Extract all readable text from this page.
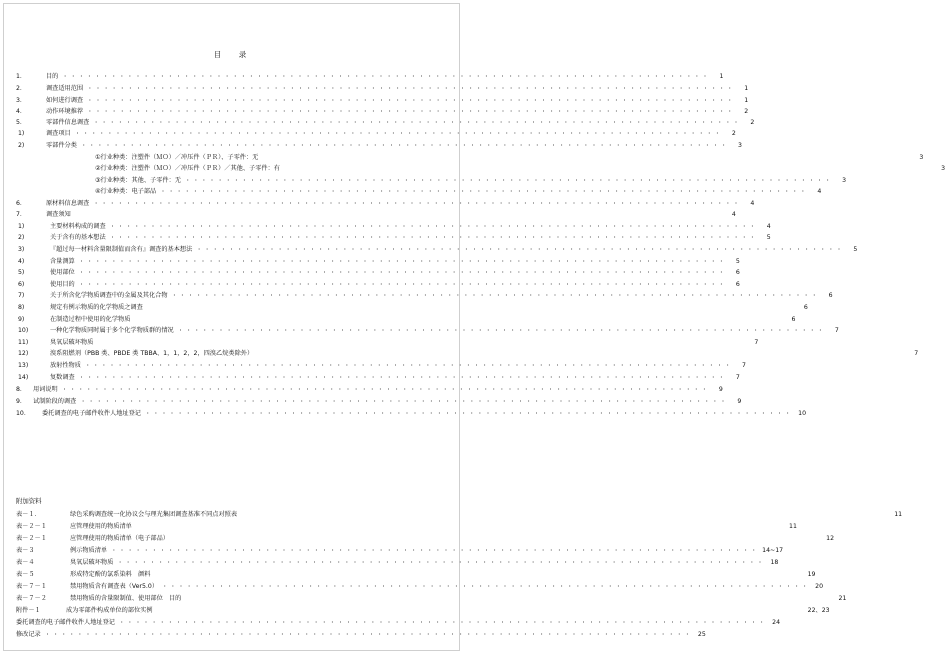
目　录
1．	目的 ・・・・・・・・・・・・・・・・・・・・・・・・・・・・・・・・・・・・・・・・・・・・・・・・・・・・・・・・・・・・・・・・・・・・・・・・・・・・・・・・	1
2．	调查适用范围 ・・・・・・・・・・・・・・・・・・・・・・・・・・・・・・・・・・・・・・・・・・・・・・・・・・・・・・・・・・・・・・・・・・・・・・・・・・・・・・・・	1
3．	如何进行调查 ・・・・・・・・・・・・・・・・・・・・・・・・・・・・・・・・・・・・・・・・・・・・・・・・・・・・・・・・・・・・・・・・・・・・・・・・・・・・・・・・	1
4．	动作环境推荐 ・・・・・・・・・・・・・・・・・・・・・・・・・・・・・・・・・・・・・・・・・・・・・・・・・・・・・・・・・・・・・・・・・・・・・・・・・・・・・・・・	2
5．	零部件信息调查 ・・・・・・・・・・・・・・・・・・・・・・・・・・・・・・・・・・・・・・・・・・・・・・・・・・・・・・・・・・・・・・・・・・・・・・・・・・・・・・・・	2
1)	调查项目 ・・・・・・・・・・・・・・・・・・・・・・・・・・・・・・・・・・・・・・・・・・・・・・・・・・・・・・・・・・・・・・・・・・・・・・・・・・・・・・・・	2
2)	零部件分类 ・・・・・・・・・・・・・・・・・・・・・・・・・・・・・・・・・・・・・・・・・・・・・・・・・・・・・・・・・・・・・・・・・・・・・・・・・・・・・・・・	3
①行业种类：注塑件（ＭＯ）／冲压件（ＰＲ）、子零件：无	3
②行业种类：注塑件（ＭＯ）／冲压件（ＰＲ）／其他、子零件：有	3
③行业种类：其他、子零件：无 ・・・・・・・・・・・・・・・・・・・・・・・・・・・・・・・・・・・・・・・・・・・・・・・・・・・・・・・・・・・・・・・・・・・・・・・・・・・・・・・・	3
④行业种类：电子部品 ・・・・・・・・・・・・・・・・・・・・・・・・・・・・・・・・・・・・・・・・・・・・・・・・・・・・・・・・・・・・・・・・・・・・・・・・・・・・・・・・	4
6．	原材料信息调查 ・・・・・・・・・・・・・・・・・・・・・・・・・・・・・・・・・・・・・・・・・・・・・・・・・・・・・・・・・・・・・・・・・・・・・・・・・・・・・・・・	4
7．	调查须知	4
1)	主要材料构成的调查 ・・・・・・・・・・・・・・・・・・・・・・・・・・・・・・・・・・・・・・・・・・・・・・・・・・・・・・・・・・・・・・・・・・・・・・・・・・・・・・・・	4
2)	关于含有的基本想法 ・・・・・・・・・・・・・・・・・・・・・・・・・・・・・・・・・・・・・・・・・・・・・・・・・・・・・・・・・・・・・・・・・・・・・・・・・・・・・・・・	5
3)	『超过每一材料含量限制值而含有』调查的基本想法 ・・・・・・・・・・・・・・・・・・・・・・・・・・・・・・・・・・・・・・・・・・・・・・・・・・・・・・・・・・・・・・・・・・・・・・・・・・・・・・・・	5
4)	含量测算 ・・・・・・・・・・・・・・・・・・・・・・・・・・・・・・・・・・・・・・・・・・・・・・・・・・・・・・・・・・・・・・・・・・・・・・・・・・・・・・・・	5
5)	使用部位 ・・・・・・・・・・・・・・・・・・・・・・・・・・・・・・・・・・・・・・・・・・・・・・・・・・・・・・・・・・・・・・・・・・・・・・・・・・・・・・・・	6
6)	使用目的 ・・・・・・・・・・・・・・・・・・・・・・・・・・・・・・・・・・・・・・・・・・・・・・・・・・・・・・・・・・・・・・・・・・・・・・・・・・・・・・・・	6
7)	关于所含化学物质调查中的金属及其化合物 ・・・・・・・・・・・・・・・・・・・・・・・・・・・・・・・・・・・・・・・・・・・・・・・・・・・・・・・・・・・・・・・・・・・・・・・・・・・・・・・・	6
8)	规定有例示物质的化学物质之调查	6
9)	在制造过程中使用的化学物质	6
10)	一种化学物质同时属于多个化学物质群的情况 ・・・・・・・・・・・・・・・・・・・・・・・・・・・・・・・・・・・・・・・・・・・・・・・・・・・・・・・・・・・・・・・・・・・・・・・・・・・・・・・・	7
11)	臭氧层破坏物质	7
12)	溴系阻燃剂（PBB 类、PBDE 类 TBBA、1，1，2，2，四溴乙烷类除外）	7
13)	放射性物质 ・・・・・・・・・・・・・・・・・・・・・・・・・・・・・・・・・・・・・・・・・・・・・・・・・・・・・・・・・・・・・・・・・・・・・・・・・・・・・・・・	7
14)	复数调查 ・・・・・・・・・・・・・・・・・・・・・・・・・・・・・・・・・・・・・・・・・・・・・・・・・・・・・・・・・・・・・・・・・・・・・・・・・・・・・・・・	7
8．	用词说明 ・・・・・・・・・・・・・・・・・・・・・・・・・・・・・・・・・・・・・・・・・・・・・・・・・・・・・・・・・・・・・・・・・・・・・・・・・・・・・・・・	9
9．	试制阶段的调查 ・・・・・・・・・・・・・・・・・・・・・・・・・・・・・・・・・・・・・・・・・・・・・・・・・・・・・・・・・・・・・・・・・・・・・・・・・・・・・・・・	9
10．	委托调查的电子邮件收件人地址登记 ・・・・・・・・・・・・・・・・・・・・・・・・・・・・・・・・・・・・・・・・・・・・・・・・・・・・・・・・・・・・・・・・・・・・・・・・・・・・・・・・ 10
附加资料
表－１．	绿色采购调查统一化协议会与理光集团调查基准不同点对照表	11
表－２－１	应管理使用的物质清单	11
表－２－１	应管理使用的物质清单（电子部品）	12
表－３	例示物质清单 ・・・・・・・・・・・・・・・・・・・・・・・・・・・・・・・・・・・・・・・・・・・・・・・・・・・・・・・・・・・・・・・・・・・・・・・・・・・・・・・・ 14~17
表－４	臭氧层破坏物质 ・・・・・・・・・・・・・・・・・・・・・・・・・・・・・・・・・・・・・・・・・・・・・・・・・・・・・・・・・・・・・・・・・・・・・・・・・・・・・・・・ 18
表－５	形成特定酚的氯系染料　颜料	19
表－７－１	禁用物质含有调查表（Ver5.0） ・・・・・・・・・・・・・・・・・・・・・・・・・・・・・・・・・・・・・・・・・・・・・・・・・・・・・・・・・・・・・・・・・・・・・・・・・・・・・・・・ 20
表－７－２	禁用物质的含量限制值、使用部位　目的	21
附件－１	成为零部件构成单位的部位实例	22、23
委托调查的电子邮件收件人地址登记 ・・・・・・・・・・・・・・・・・・・・・・・・・・・・・・・・・・・・・・・・・・・・・・・・・・・・・・・・・・・・・・・・・・・・・・・・・・・・・・・・ 24
修改记录 ・・・・・・・・・・・・・・・・・・・・・・・・・・・・・・・・・・・・・・・・・・・・・・・・・・・・・・・・・・・・・・・・・・・・・・・・・・・・・・・・ 25
